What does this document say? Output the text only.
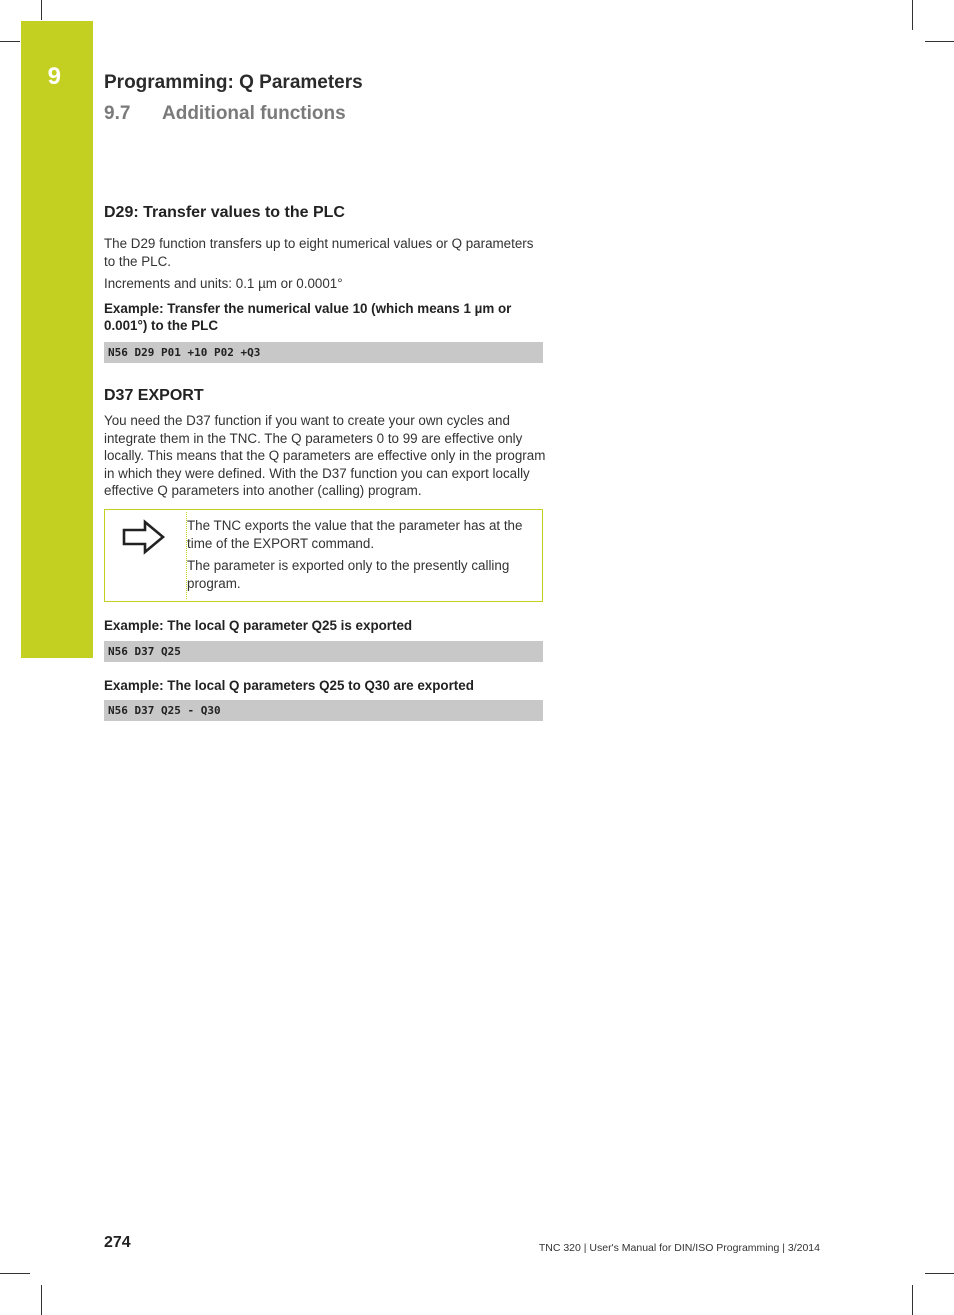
9 Programming: Q Parameters
9.7 Additional functions
D29: Transfer values to the PLC

The D29 function transfers up to eight numerical values or Q parameters to the PLC.

Increments and units: 0.1 µm or 0.0001°

Example: Transfer the numerical value 10 (which means 1 µm or 0.001°) to the PLC

N56 D29 P01 +10 P02 +Q3
D37 EXPORT

You need the D37 function if you want to create your own cycles and integrate them in the TNC. The Q parameters 0 to 99 are effective only locally. This means that the Q parameters are effective only in the program in which they were defined. With the D37 function you can export locally effective Q parameters into another (calling) program.

The TNC exports the value that the parameter has at the time of the EXPORT command.

The parameter is exported only to the presently calling program.

Example: The local Q parameter Q25 is exported

N56 D37 Q25

Example: The local Q parameters Q25 to Q30 are exported

N56 D37 Q25 - Q30
274	TNC 320 | User's Manual for DIN/ISO Programming | 3/2014
